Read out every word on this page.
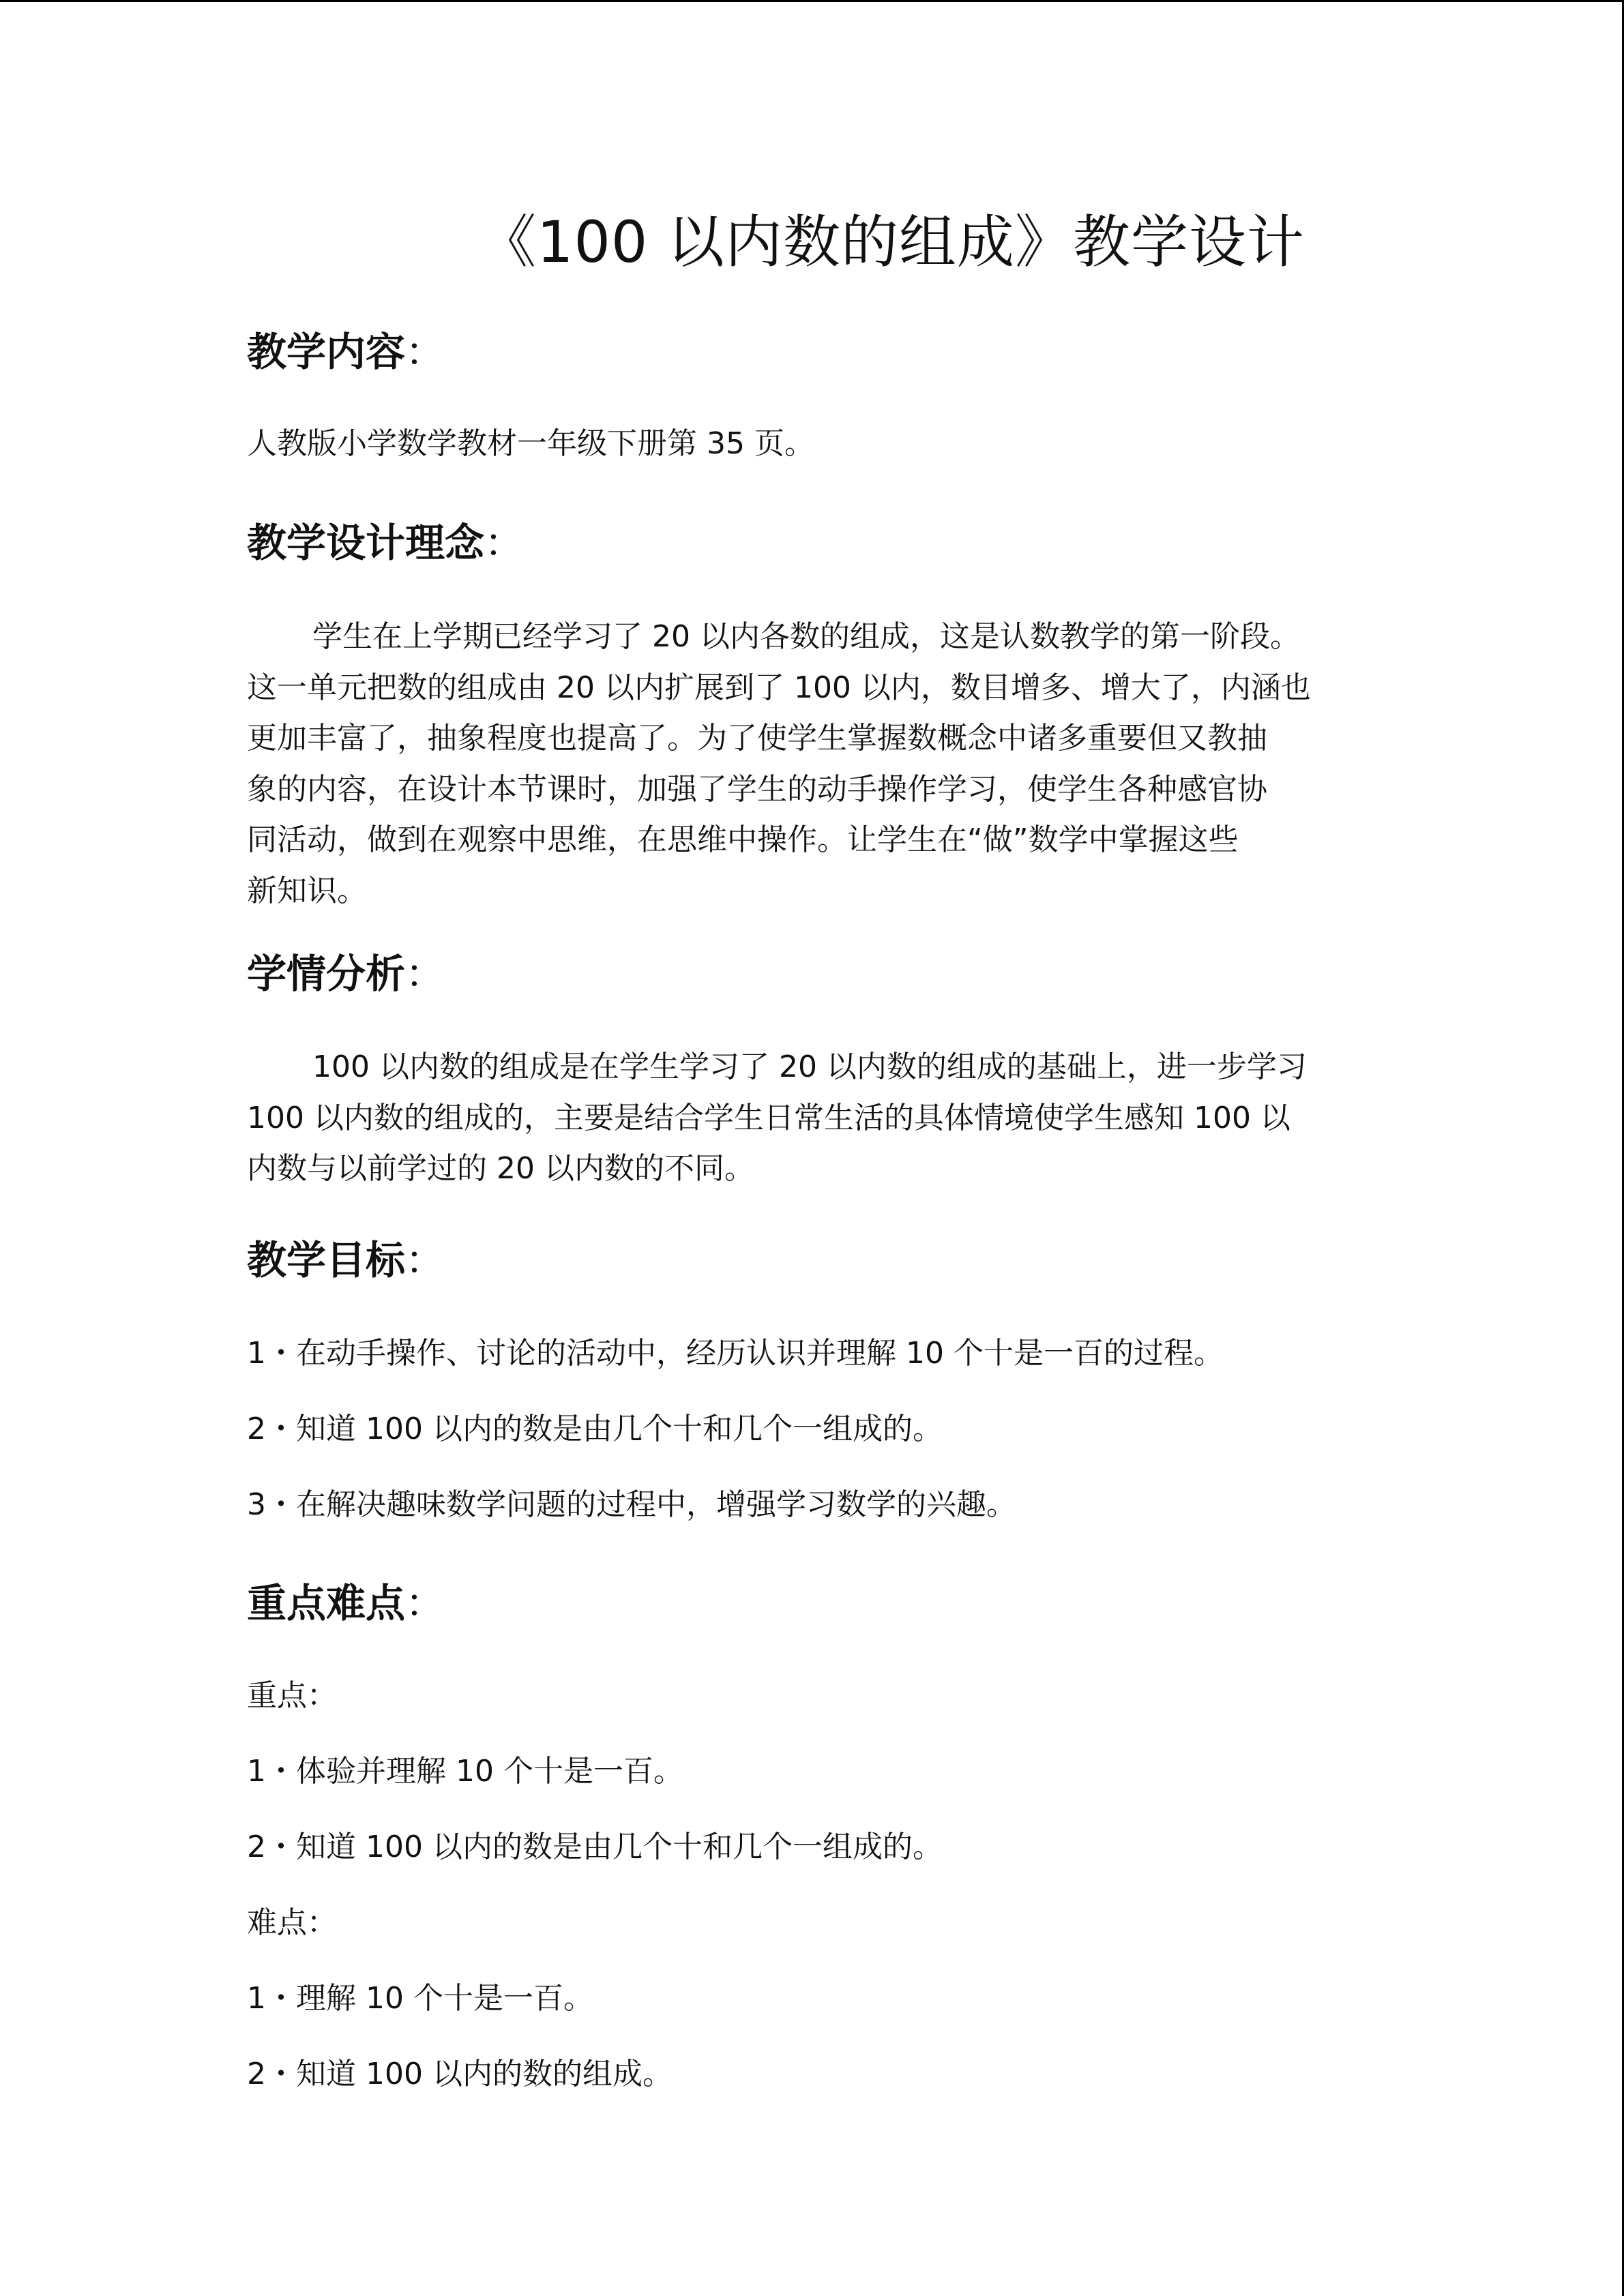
《100 以内数的组成》教学设计
教学内容：

人教版小学数学教材一年级下册第 35 页。

教学设计理念：
学生在上学期已经学习了 20 以内各数的组成，这是认数教学的第一阶段。
这一单元把数的组成由 20 以内扩展到了 100 以内，数目增多、增大了，内涵也
更加丰富了，抽象程度也提高了。为了使学生掌握数概念中诸多重要但又教抽
象的内容，在设计本节课时，加强了学生的动手操作学习，使学生各种感官协
同活动，做到在观察中思维，在思维中操作。让学生在“做”数学中掌握这些
新知识。
学情分析：
100 以内数的组成是在学生学习了 20 以内数的组成的基础上，进一步学习
100 以内数的组成的，主要是结合学生日常生活的具体情境使学生感知 100 以
内数与以前学过的 20 以内数的不同。
教学目标：

1・在动手操作、讨论的活动中，经历认识并理解 10 个十是一百的过程。

2・知道 100 以内的数是由几个十和几个一组成的。

3・在解决趣味数学问题的过程中，增强学习数学的兴趣。

重点难点：

重点：

1・体验并理解 10 个十是一百。

2・知道 100 以内的数是由几个十和几个一组成的。

难点：

1・理解 10 个十是一百。

2・知道 100 以内的数的组成。
